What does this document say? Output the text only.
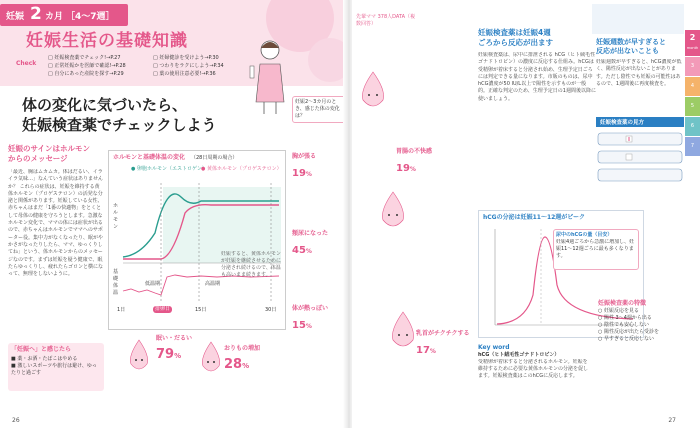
妊娠 2 カ月 ［4～7週］
妊娠生活の基礎知識
Check
□ 妊娠検査薬でチェック!→P.27
□ 正常妊娠かを医師で確認!→P.28
□ 自分にあった産院を探す→P.29
□ 妊婦健診を受けよう→P.30
□ つわりをラクにしよう→P.34
□ 葉の使用注意必要!→P.36
体の変化に気づいたら、
妊娠検査薬でチェックしよう
妊娠のサインはホルモン
からのメッセージ
「最近、胸はムカムカ。体はだるい、イライラ気味…」なんていう症状はありませんか？ これらの症状は、妊娠を維持する黄体ホルモン（プロゲステロン）の活発な分泌と関係があります。妊娠している女性、赤ちゃんはまだ「1番の快適物」をとくとして母体の健康を守ろうとします。急激なホルモン変化で、ママの体には症状が出るので、赤ちゃんはホルモンでママへのサポーター役。集中力がなくなったり、眠がやかさがなったりしたら、ママ、ゆっくりしてね」という、体ホルモンからのメッセージなのです。まずは妊娠を疑う健康で、眠たらゆっくりし、疲れたらゴロンと横になって、無理をしないように。
「妊娠ヘ」と感じたら
■ 薬・お酒・たばこはやめる
■ 激しいスポーツや旅行は避け、ゆったりと過ごす
ホルモンと基礎体温の変化 （28日周期の場合）
● 卵胞ホルモン（エストロゲン）
● 黄体ホルモン（プロゲステロン）
ホルモン
基礎体温
低温期	高温期
1日	排卵日	15日	30日
妊娠すると、黄体ホルモンが妊娠を継続させるために分泌され続けるので、体温も高いまま続きます。
眠い・だるい
79%
おりもの増加
28%
妊娠2～3カ月のとき、感じた体の変化は？
胸が張る
19%
頻尿になった
45%
体が熱っぽい
15%
26
先輩ママ 378人DATA（複数回答）
胃腸の不快感
19%
乳首がチクチクする
17%
妊娠検査薬は妊娠4週
ごろから反応が出ます
妊娠検査薬は、尿中に排泄される hCG（ヒト絨毛性ゴナドトロピン）の濃度に反応する仕組み。hCGは受精卵が着床すると分泌され始め、生理予定日ごろには判定できる量になります。市販のものは、尿中hCG濃度が50 IU/L以上で陽性を示すものが一般的。正確な判定のため、生理予定日の1週間後以降に使いましょう。
hCGの分泌は妊娠11～12週がピーク
尿中のhCGの量（目安）
妊娠4週ごろから急激に増加し、妊娠11～12週ごろに最も多くなります。
Key word
hCG（ヒト絨毛性ゴナドトロピン）
受精卵が着床すると分泌されるホルモン。妊娠を維持するために必要な黄体ホルモンの分泌を促します。妊娠検査薬はこのhCGに反応します。
妊娠週数が早すぎると
反応が出ないことも
妊娠週数が早すぎると、hCG濃度が低く、陽性反応が出ないことがあります。ただし陰性でも妊娠の可能性はあるので、1週間後に再度検査を。
妊娠検査薬の見方
妊娠検査薬の特徴
○ 妊娠反応を見る
○ 陽性 3～4週から出る
○ 陰性でも安心しない
○ 陽性反応が出たら受診を
○ 早すぎると反応しない
2
month
3
4
5
6
7
27
